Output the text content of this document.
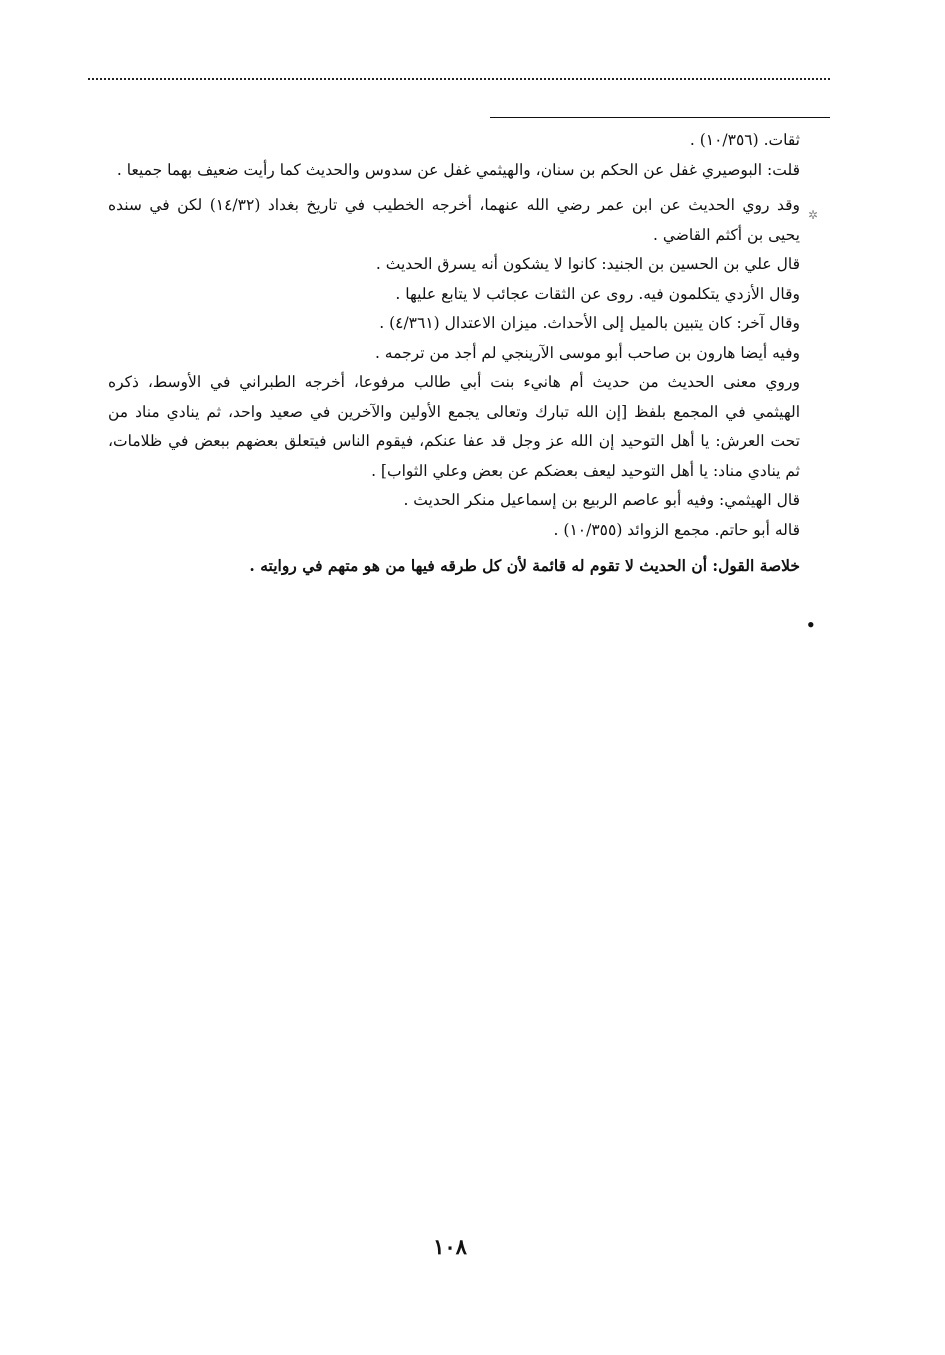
✲
•
ثقات. (١٠/٣٥٦) .
قلت: البوصيري غفل عن الحكم بن سنان، والهيثمي غفل عن سدوس والحديث كما رأيت ضعيف بهما جميعا .
وقد روي الحديث عن ابن عمر رضي الله عنهما، أخرجه الخطيب في تاريخ بغداد (١٤/٣٢) لكن في سنده
يحيى بن أكثم القاضي .
قال علي بن الحسين بن الجنيد: كانوا لا يشكون أنه يسرق الحديث .
وقال الأزدي يتكلمون فيه. روى عن الثقات عجائب لا يتابع عليها .
وقال آخر: كان يتبين بالميل إلى الأحداث. ميزان الاعتدال (٤/٣٦١) .
وفيه أيضا هارون بن صاحب أبو موسى الآرينجي لم أجد من ترجمه .
وروي معنى الحديث من حديث أم هانيء بنت أبي طالب مرفوعا، أخرجه الطبراني في الأوسط، ذكره
الهيثمي في المجمع بلفظ [إن الله تبارك وتعالى يجمع الأولين والآخرين في صعيد واحد، ثم ينادي مناد من
تحت العرش: يا أهل التوحيد إن الله عز وجل قد عفا عنكم، فيقوم الناس فيتعلق بعضهم ببعض في ظلامات،
ثم ينادي مناد: يا أهل التوحيد ليعف بعضكم عن بعض وعلي الثواب] .
قال الهيثمي: وفيه أبو عاصم الربيع بن إسماعيل منكر الحديث .
قاله أبو حاتم. مجمع الزوائد (١٠/٣٥٥) .
خلاصة القول: أن الحديث لا تقوم له قائمة لأن كل طرقه فيها من هو متهم في روايته .
١٠٨
